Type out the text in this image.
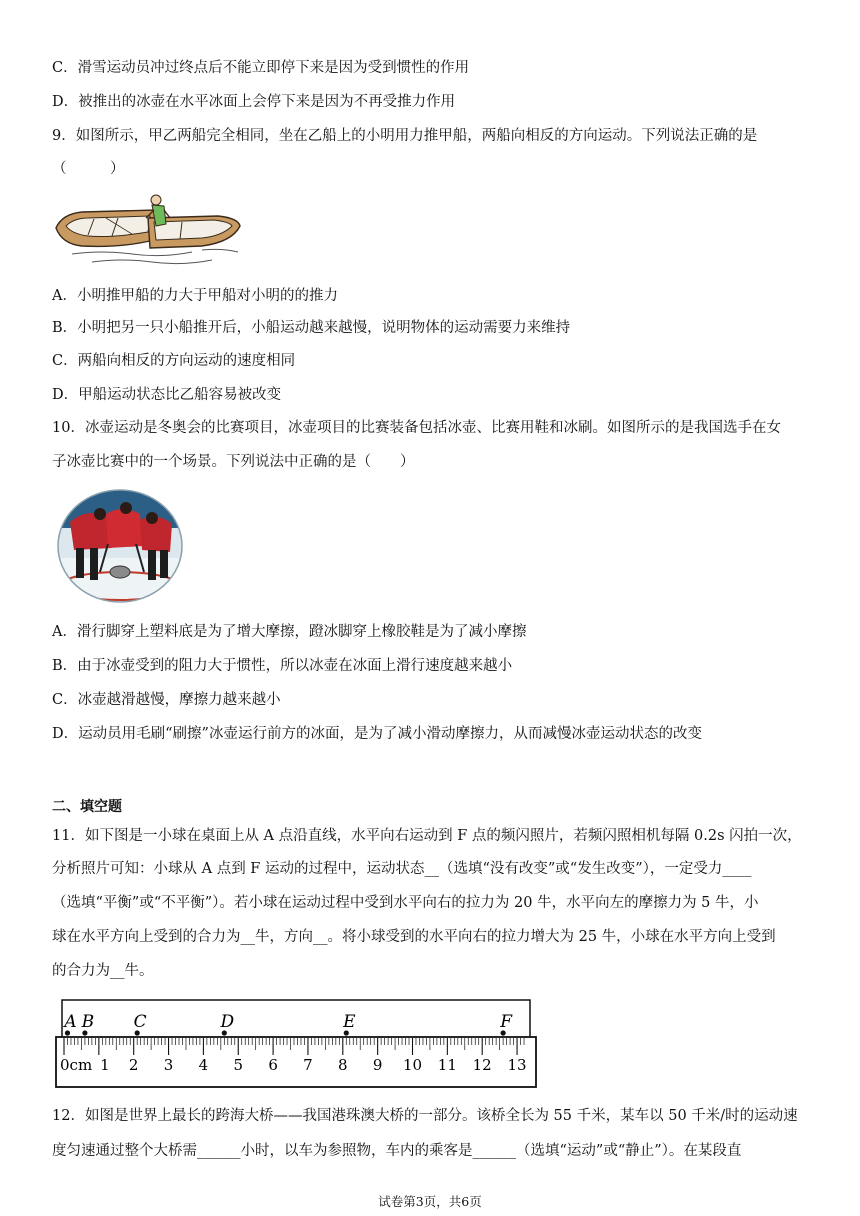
C．滑雪运动员冲过终点后不能立即停下来是因为受到惯性的作用
D．被推出的冰壶在水平冰面上会停下来是因为不再受推力作用
9．如图所示，甲乙两船完全相同，坐在乙船上的小明用力推甲船，两船向相反的方向运动。下列说法正确的是
（　　　）
A．小明推甲船的力大于甲船对小明的的推力
B．小明把另一只小船推开后，小船运动越来越慢，说明物体的运动需要力来维持
C．两船向相反的方向运动的速度相同
D．甲船运动状态比乙船容易被改变
10．冰壶运动是冬奥会的比赛项目，冰壶项目的比赛装备包括冰壶、比赛用鞋和冰刷。如图所示的是我国选手在女
子冰壶比赛中的一个场景。下列说法中正确的是（　　）
A．滑行脚穿上塑料底是为了增大摩擦，蹬冰脚穿上橡胶鞋是为了减小摩擦
B．由于冰壶受到的阻力大于惯性，所以冰壶在冰面上滑行速度越来越小
C．冰壶越滑越慢，摩擦力越来越小
D．运动员用毛刷“刷擦”冰壶运行前方的冰面，是为了减小滑动摩擦力，从而减慢冰壶运动状态的改变
二、填空题
11．如下图是一小球在桌面上从 A 点沿直线，水平向右运动到 F 点的频闪照片，若频闪照相机每隔 0.2s 闪拍一次，
分析照片可知：小球从 A 点到 F 运动的过程中，运动状态__（选填“没有改变”或“发生改变”），一定受力____
（选填“平衡”或“不平衡”）。若小球在运动过程中受到水平向右的拉力为 20 牛，水平向左的摩擦力为 5 牛，小
球在水平方向上受到的合力为__牛，方向__。将小球受到的水平向右的拉力增大为 25 牛，小球在水平方向上受到
的合力为__牛。
A B C	D	E	F
0cm 1 2 3 4 5 6 7 8 9 10 11 12 13
12．如图是世界上最长的跨海大桥——我国港珠澳大桥的一部分。该桥全长为 55 千米，某车以 50 千米/时的运动速
度匀速通过整个大桥需______小时，以车为参照物，车内的乘客是______（选填“运动”或“静止”）。在某段直
试卷第3页，共6页
